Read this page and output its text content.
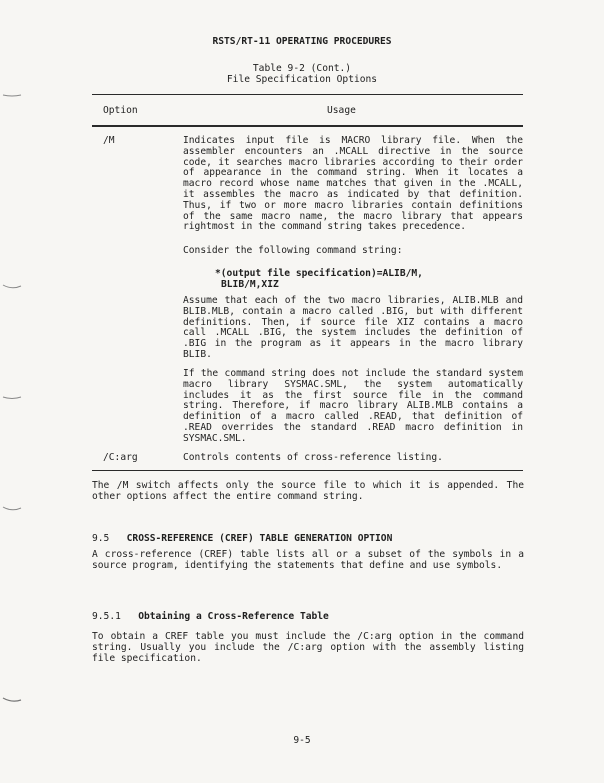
RSTS/RT-11 OPERATING PROCEDURES
Table 9-2 (Cont.)
File Specification Options
Option	Usage
/M	Indicates input file is MACRO library file. When the assembler encounters an .MCALL directive in the source code, it searches macro libraries according to their order of appearance in the command string. When it locates a macro record whose name matches that given in the .MCALL, it assembles the macro as indicated by that definition. Thus, if two or more macro libraries contain definitions of the same macro name, the macro library that appears rightmost in the command string takes precedence.

Consider the following command string:

*(output file specification)=ALIB/M,
BLIB/M,XIZ

Assume that each of the two macro libraries, ALIB.MLB and BLIB.MLB, contain a macro called .BIG, but with different definitions. Then, if source file XIZ contains a macro call .MCALL .BIG, the system includes the definition of .BIG in the program as it appears in the macro library BLIB.

If the command string does not include the standard system macro library SYSMAC.SML, the system automatically includes it as the first source file in the command string. Therefore, if macro library ALIB.MLB contains a definition of a macro called .READ, that definition of .READ overrides the standard .READ macro definition in SYSMAC.SML.

/C:arg	Controls contents of cross-reference listing.
The /M switch affects only the source file to which it is appended. The other options affect the entire command string.
9.5 CROSS-REFERENCE (CREF) TABLE GENERATION OPTION
A cross-reference (CREF) table lists all or a subset of the symbols in a source program, identifying the statements that define and use symbols.
9.5.1 Obtaining a Cross-Reference Table
To obtain a CREF table you must include the /C:arg option in the command string. Usually you include the /C:arg option with the assembly listing file specification.
9-5
